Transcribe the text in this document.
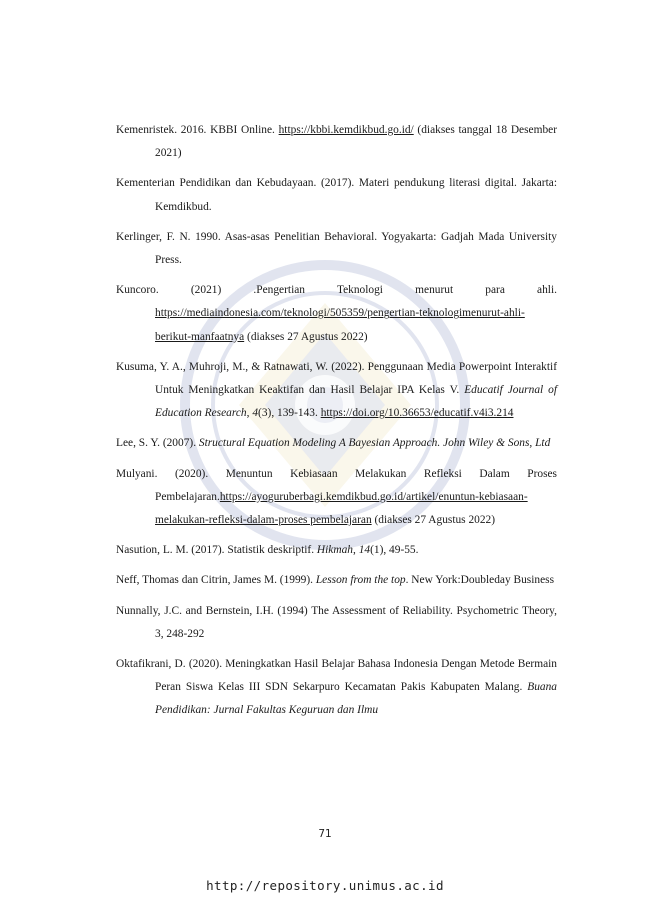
Kemenristek. 2016. KBBI Online. https://kbbi.kemdikbud.go.id/ (diakses tanggal 18 Desember 2021)

Kementerian Pendidikan dan Kebudayaan. (2017). Materi pendukung literasi digital. Jakarta: Kemdikbud.

Kerlinger, F. N. 1990. Asas-asas Penelitian Behavioral. Yogyakarta: Gadjah Mada University Press.

Kuncoro. (2021) .Pengertian Teknologi menurut para ahli. https://mediaindonesia.com/teknologi/505359/pengertian-teknologimenurut-ahli-berikut-manfaatnya (diakses 27 Agustus 2022)

Kusuma, Y. A., Muhroji, M., & Ratnawati, W. (2022). Penggunaan Media Powerpoint Interaktif Untuk Meningkatkan Keaktifan dan Hasil Belajar IPA Kelas V. Educatif Journal of Education Research, 4(3), 139-143. https://doi.org/10.36653/educatif.v4i3.214

Lee, S. Y. (2007). Structural Equation Modeling A Bayesian Approach. John Wiley & Sons, Ltd

Mulyani. (2020). Menuntun Kebiasaan Melakukan Refleksi Dalam Proses Pembelajaran.https://ayoguruberbagi.kemdikbud.go.id/artikel/enuntun-kebiasaan-melakukan-refleksi-dalam-proses pembelajaran (diakses 27 Agustus 2022)

Nasution, L. M. (2017). Statistik deskriptif. Hikmah, 14(1), 49-55.

Neff, Thomas dan Citrin, James M. (1999). Lesson from the top. New York:Doubleday Business

Nunnally, J.C. and Bernstein, I.H. (1994) The Assessment of Reliability. Psychometric Theory, 3, 248-292

Oktafikrani, D. (2020). Meningkatkan Hasil Belajar Bahasa Indonesia Dengan Metode Bermain Peran Siswa Kelas III SDN Sekarpuro Kecamatan Pakis Kabupaten Malang. Buana Pendidikan: Jurnal Fakultas Keguruan dan Ilmu

71
http://repository.unimus.ac.id
